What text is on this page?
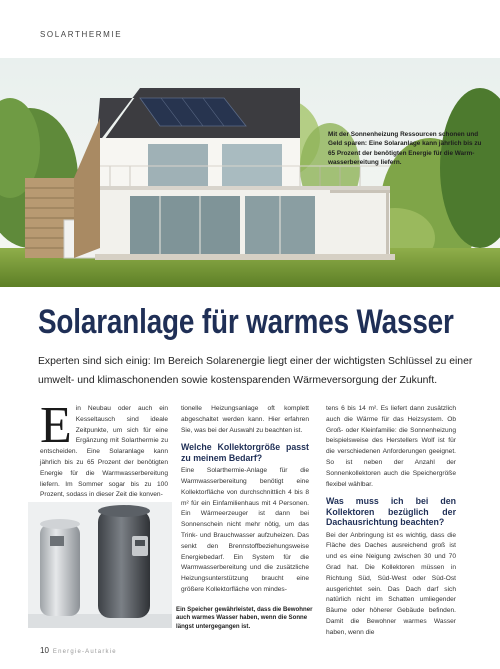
SOLARTHERMIE
Mit der Sonnenheizung Ressourcen schonen und Geld sparen: Eine Solaranlage kann jährlich bis zu 65 Prozent der benötigten Energie für die Warmwasserbereitung liefern.
Solaranlage für warmes Wasser

Experten sind sich einig: Im Bereich Solarenergie liegt einer der wichtigsten Schlüssel zu einer umwelt- und klimaschonenden sowie kostensparenden Wärmeversorgung der Zukunft.

Ein Neubau oder auch ein Kesseltausch sind ideale Zeitpunkte, um sich für eine Ergänzung mit Solarthermie zu entscheiden. Eine Solaranlage kann jährlich bis zu 65 Prozent der benötigten Energie für die Warmwasserbereitung liefern. Im Sommer sogar bis zu 100 Prozent, sodass in dieser Zeit die konven-

tionelle Heizungsanlage oft komplett abgeschaltet werden kann. Hier erfahren Sie, was bei der Auswahl zu beachten ist.

Welche Kollektorgröße passt zu meinem Bedarf?

Eine Solarthermie-Anlage für die Warmwasserbereitung benötigt eine Kollektorfläche von durchschnittlich 4 bis 8 m² für ein Einfamilienhaus mit 4 Personen. Ein Wärmeerzeuger ist dann bei Sonnenschein nicht mehr nötig, um das Trink- und Brauchwasser aufzuheizen. Das senkt den Brennstoffbeziehungsweise Energiebedarf. Ein System für die Warmwasserbereitung und die zusätzliche Heizungsunterstützung braucht eine größere Kollektorfläche von mindes-

tens 6 bis 14 m². Es liefert dann zusätzlich auch die Wärme für das Heizsystem. Ob Groß- oder Kleinfamilie: die Sonnenheizung beispielsweise des Herstellers Wolf ist für die verschiedenen Anforderungen geeignet. So ist neben der Anzahl der Sonnenkollektoren auch die Speichergröße flexibel wählbar.

Was muss ich bei den Kollektoren bezüglich der Dachausrichtung beachten?

Bei der Anbringung ist es wichtig, dass die Fläche des Daches ausreichend groß ist und es eine Neigung zwischen 30 und 70 Grad hat. Die Kollektoren müssen in Richtung Süd, Süd-West oder Süd-Ost ausgerichtet sein. Das Dach darf sich natürlich nicht im Schatten umliegender Bäume oder höherer Gebäude befinden. Damit die Bewohner warmes Wasser haben, wenn die

Ein Speicher gewährleistet, dass die Bewohner auch warmes Wasser haben, wenn die Sonne längst untergegangen ist.
10 Energie-Autarkie
